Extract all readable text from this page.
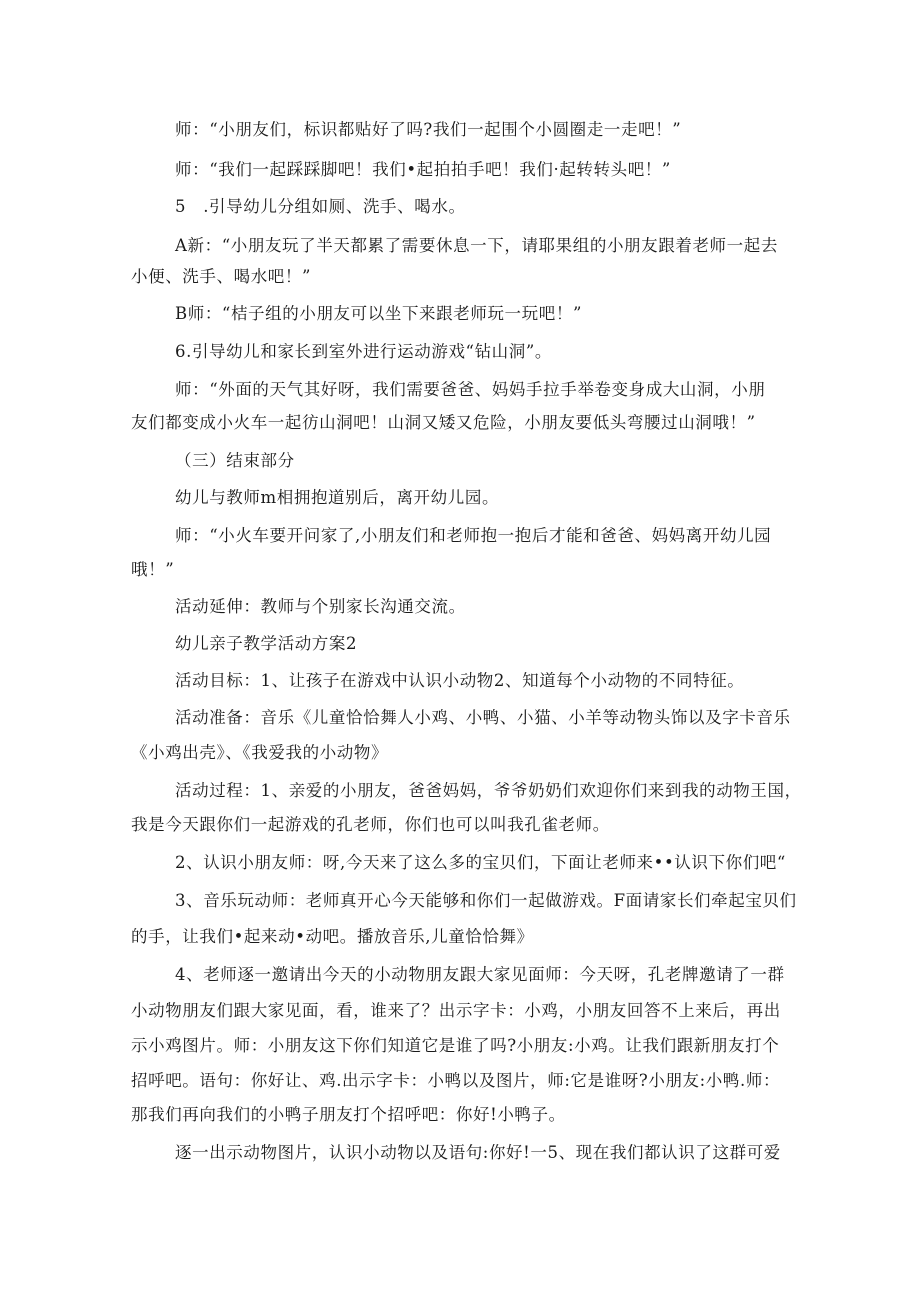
师：“小朋友们，标识都贴好了吗?我们一起围个小圆圈走一走吧！”
师：“我们一起踩踩脚吧！我们•起拍拍手吧！我们·起转转头吧！”
5　.引导幼儿分组如厕、洗手、喝水。
A新：“小朋友玩了半天都累了需要休息一下，请耶果组的小朋友跟着老师一起去
小便、洗手、喝水吧！”
B师：“桔子组的小朋友可以坐下来跟老师玩一玩吧！”
6.引导幼儿和家长到室外进行运动游戏“钻山洞”。
师：“外面的天气其好呀，我们需要爸爸、妈妈手拉手举卷变身成大山洞，小朋
友们都变成小火车一起彷山洞吧！山洞又矮又危险，小朋友要低头弯腰过山洞哦！”
（三）结束部分
幼儿与教师m相拥抱道别后，离开幼儿园。
师：“小火车要开问家了,小朋友们和老师抱一抱后才能和爸爸、妈妈离开幼儿园
哦！”
活动延伸：教师与个别家长沟通交流。
幼儿亲子教学活动方案2
活动目标：1、让孩子在游戏中认识小动物2、知道每个小动物的不同特征。
活动准备：音乐《儿童恰恰舞人小鸡、小鸭、小猫、小羊等动物头饰以及字卡音乐
《小鸡出壳》、《我爱我的小动物》
活动过程：1、亲爱的小朋友，爸爸妈妈，爷爷奶奶们欢迎你们来到我的动物王国，
我是今天跟你们一起游戏的孔老师，你们也可以叫我孔雀老师。
2、认识小朋友师：呀,今天来了这么多的宝贝们，下面让老师来••认识下你们吧“
3、音乐玩动师：老师真开心今天能够和你们一起做游戏。F面请家长们牵起宝贝们
的手，让我们•起来动•动吧。播放音乐,儿童恰恰舞》
4、老师逐一邀请出今天的小动物朋友跟大家见面师：今天呀，孔老牌邀请了一群
小动物朋友们跟大家见面，看，谁来了？出示字卡：小鸡，小朋友回答不上来后，再出
示小鸡图片。师：小朋友这下你们知道它是谁了吗?小朋友:小鸡。让我们跟新朋友打个
招呼吧。语句：你好让、鸡.出示字卡：小鸭以及图片，师:它是谁呀?小朋友:小鸭.师：
那我们再向我们的小鸭子朋友打个招呼吧：你好!小鸭子。
逐一出示动物图片，认识小动物以及语句:你好!一5、现在我们都认识了这群可爱
